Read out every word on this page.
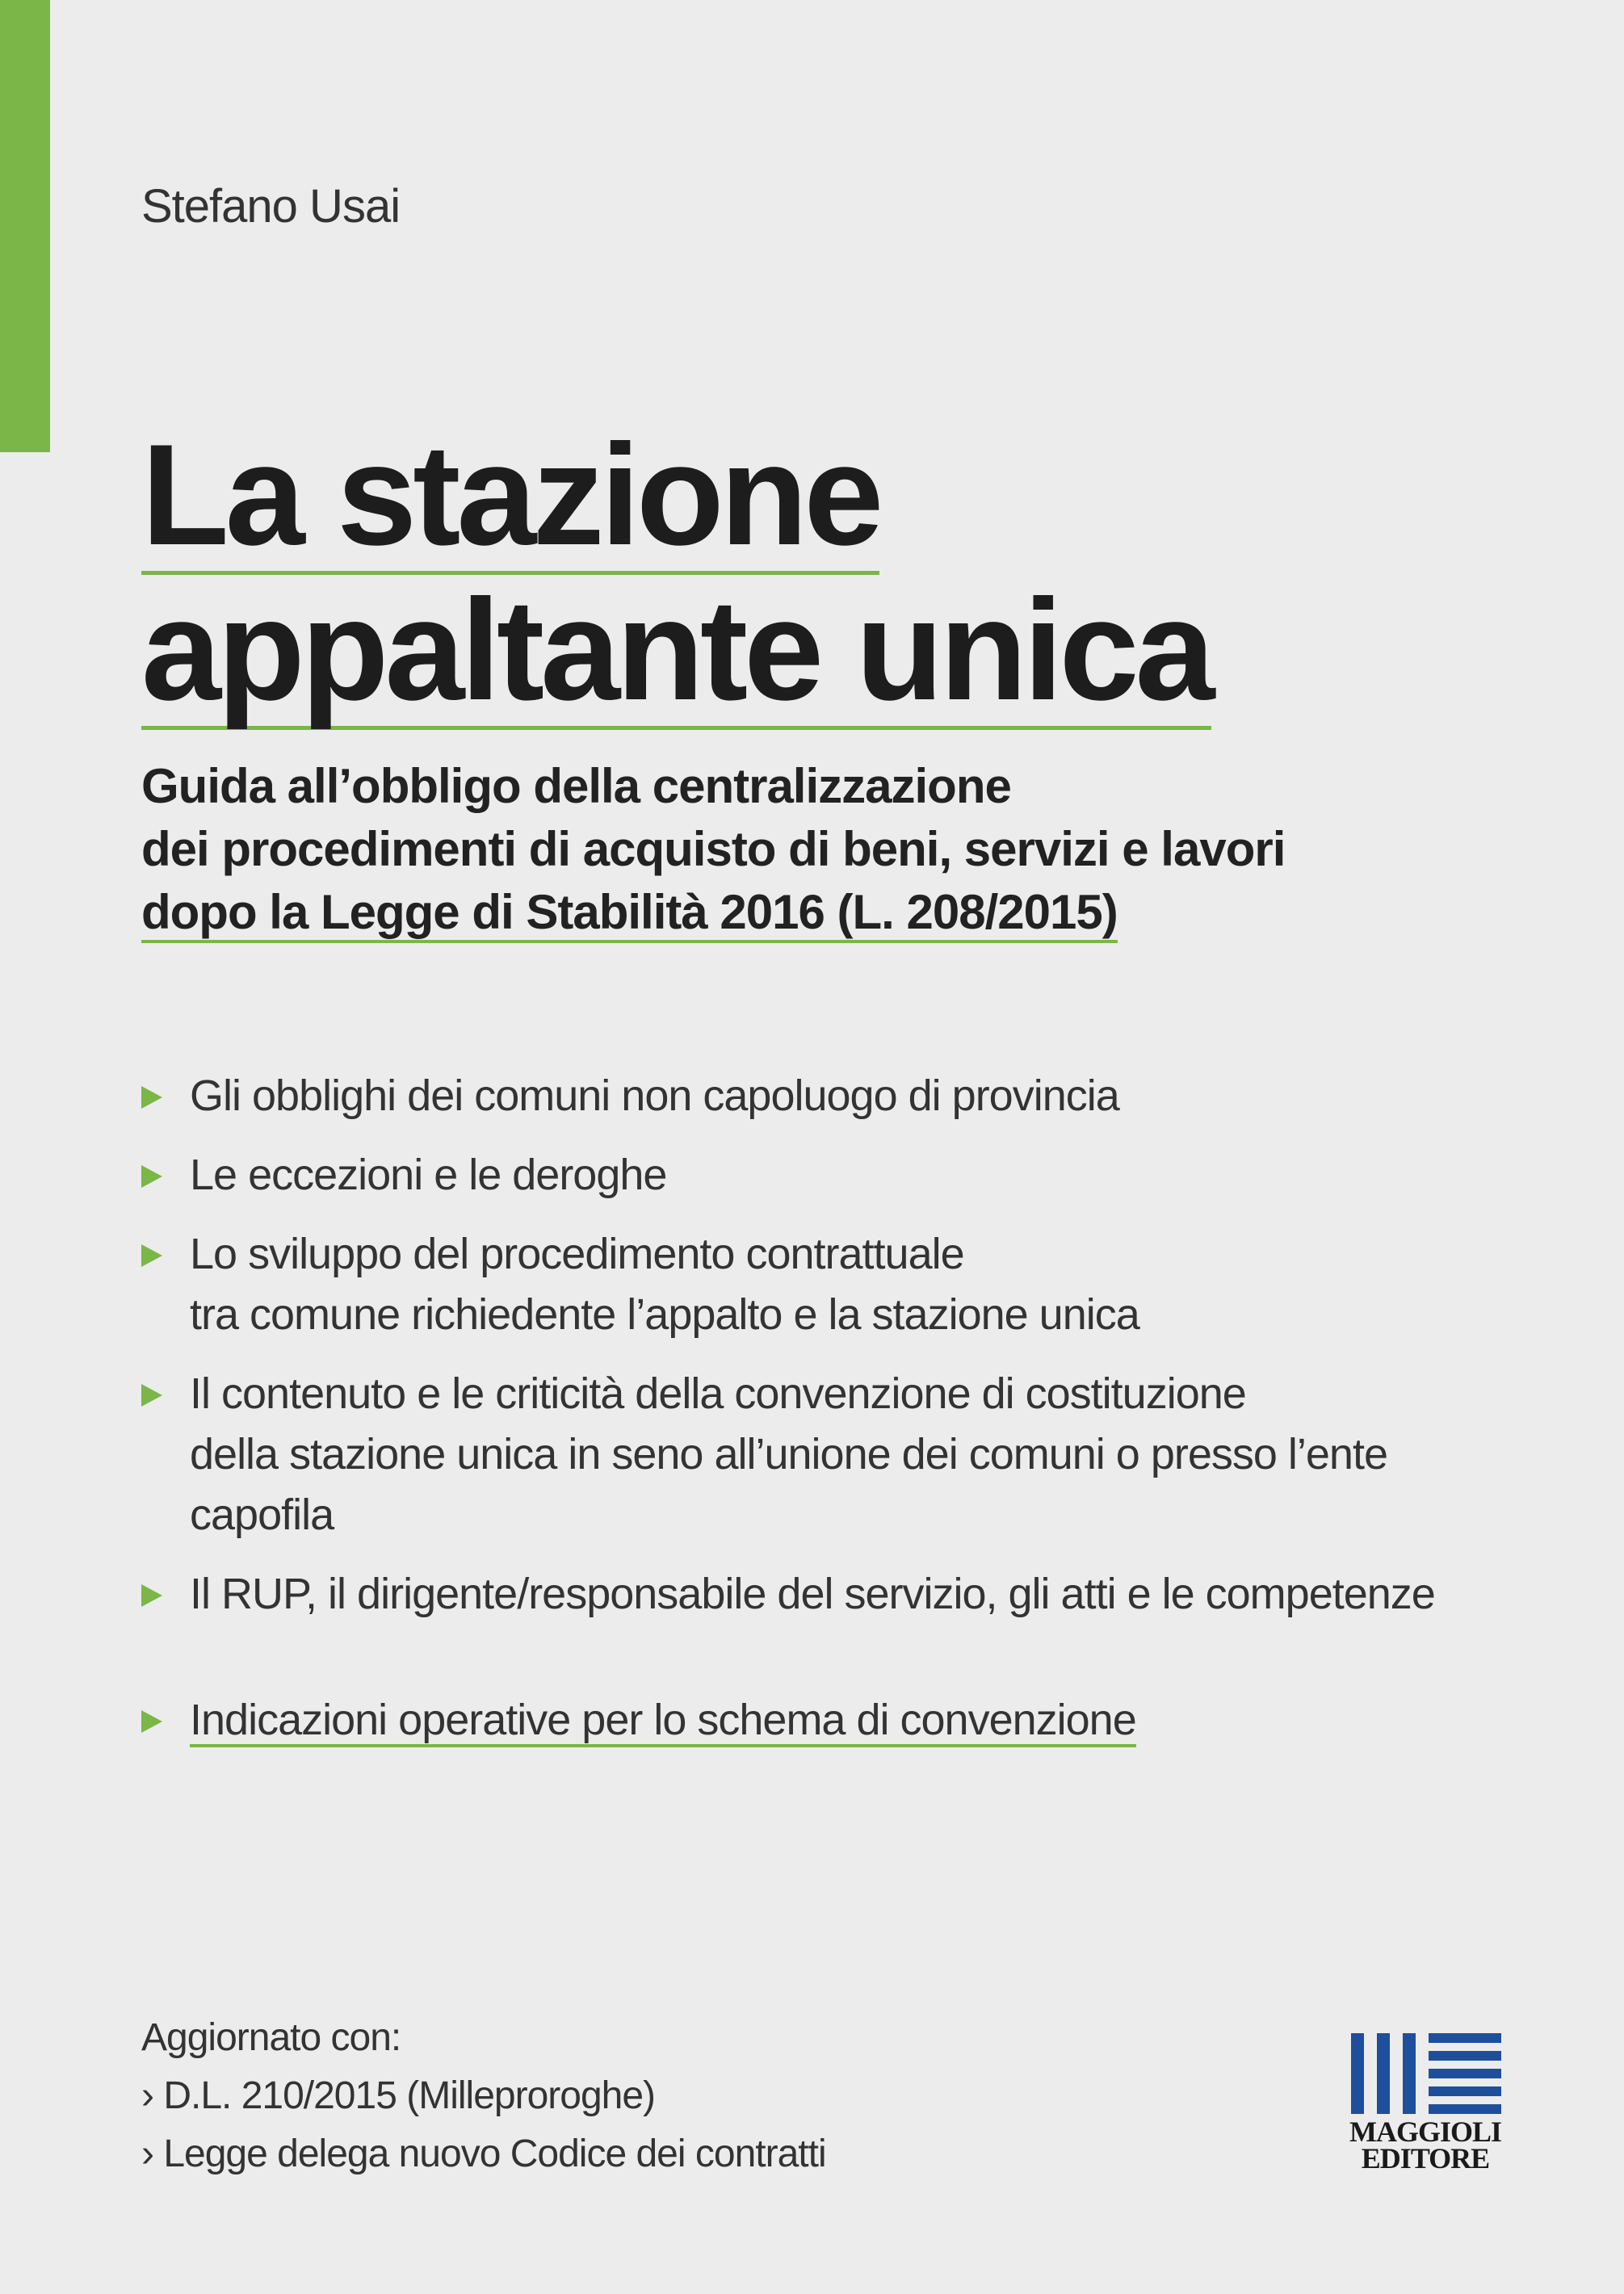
Stefano Usai
La stazione
appaltante unica
Guida all’obbligo della centralizzazione
dei procedimenti di acquisto di beni, servizi e lavori
dopo la Legge di Stabilità 2016 (L. 208/2015)
Gli obblighi dei comuni non capoluogo di provincia
Le eccezioni e le deroghe
Lo sviluppo del procedimento contrattuale
tra comune richiedente l’appalto e la stazione unica
Il contenuto e le criticità della convenzione di costituzione
della stazione unica in seno all’unione dei comuni o presso l’ente capofila
Il RUP, il dirigente/responsabile del servizio, gli atti e le competenze
Indicazioni operative per lo schema di convenzione
Aggiornato con:
› D.L. 210/2015 (Milleproroghe)
› Legge delega nuovo Codice dei contratti
MAGGIOLI
EDITORE
